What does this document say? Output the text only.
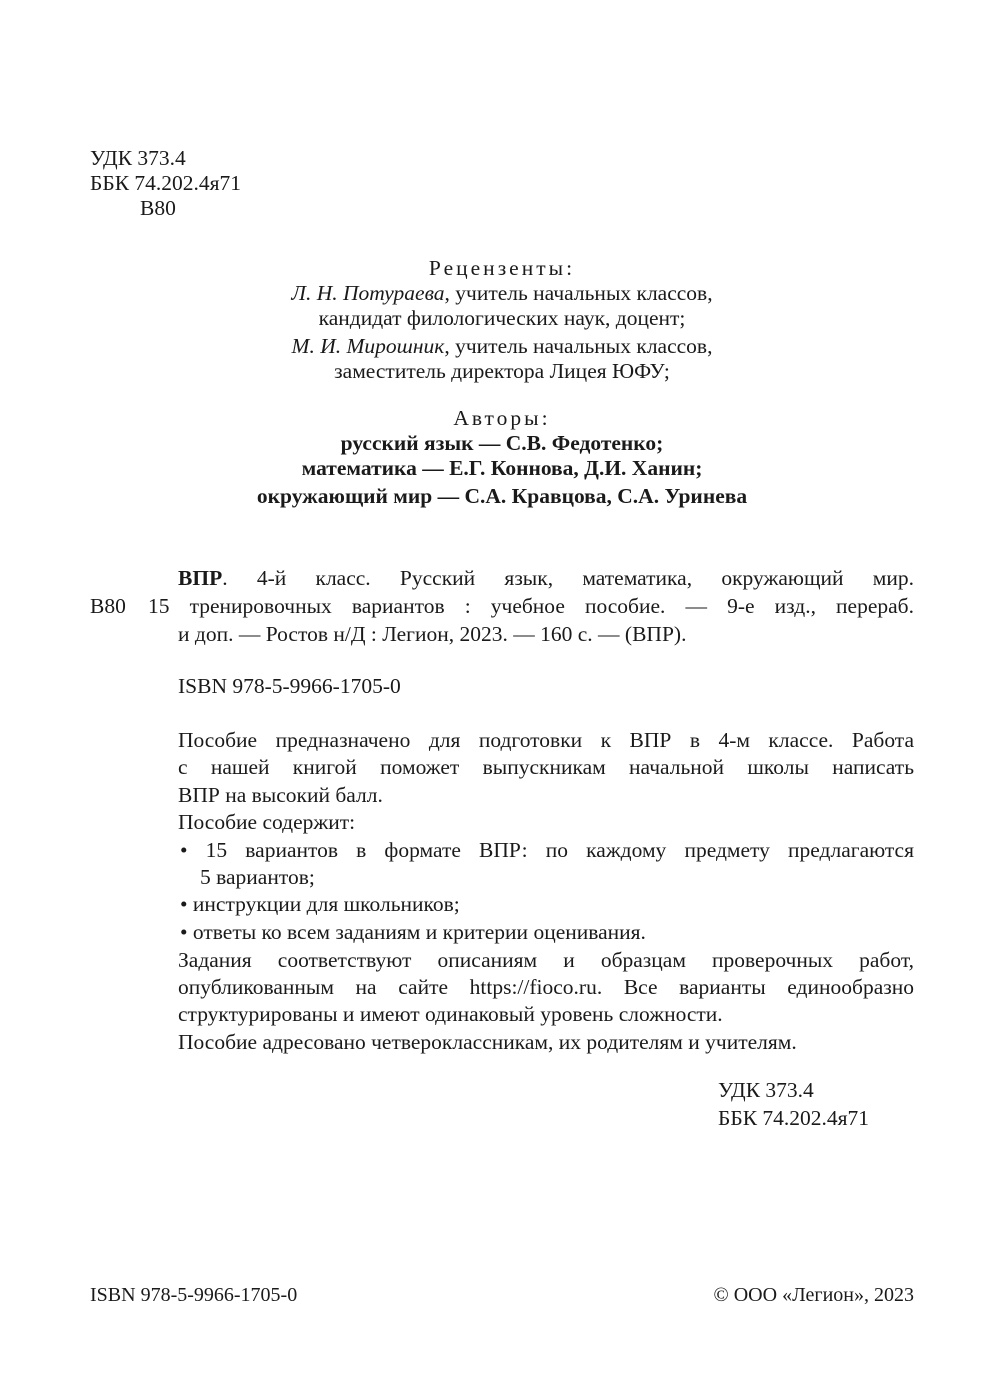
УДК 373.4
ББК 74.202.4я71
В80
Рецензенты:
Л. Н. Потураева, учитель начальных классов,
кандидат филологических наук, доцент;
М. И. Мирошник, учитель начальных классов,
заместитель директора Лицея ЮФУ;
Авторы:
русский язык — С.В. Федотенко;
математика — Е.Г. Коннова, Д.И. Ханин;
окружающий мир — С.А. Кравцова, С.А. Уринева
ВПР. 4-й класс. Русский язык, математика, окружающий мир.
В80 15 тренировочных вариантов : учебное пособие. — 9-е изд., перераб.
и доп. — Ростов н/Д : Легион, 2023. — 160 с. — (ВПР).
ISBN 978-5-9966-1705-0
Пособие предназначено для подготовки к ВПР в 4-м классе. Работа
с нашей книгой поможет выпускникам начальной школы написать
ВПР на высокий балл.
Пособие содержит:
• 15 вариантов в формате ВПР: по каждому предмету предлагаются
5 вариантов;
• инструкции для школьников;
• ответы ко всем заданиям и критерии оценивания.
Задания соответствуют описаниям и образцам проверочных работ,
опубликованным на сайте https://fioco.ru. Все варианты единообразно
структурированы и имеют одинаковый уровень сложности.
Пособие адресовано четвероклассникам, их родителям и учителям.
УДК 373.4
ББК 74.202.4я71
ISBN 978-5-9966-1705-0	© ООО «Легион», 2023
